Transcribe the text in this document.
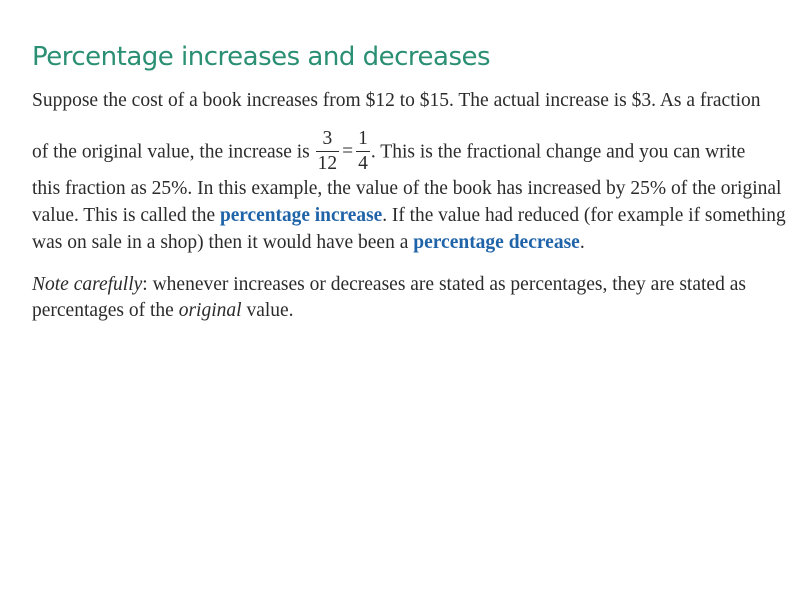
Percentage increases and decreases
Suppose the cost of a book increases from $12 to $15. The actual increase is $3. As a fraction
of the original value, the increase is $\frac{3}{12} = \frac{1}{4}$ . This is the fractional change and you can write
this fraction as 25%. In this example, the value of the book has increased by 25% of the original
value. This is called the percentage increase. If the value had reduced (for example if something
was on sale in a shop) then it would have been a percentage decrease.
Note carefully: whenever increases or decreases are stated as percentages, they are stated as
percentages of the original value.
